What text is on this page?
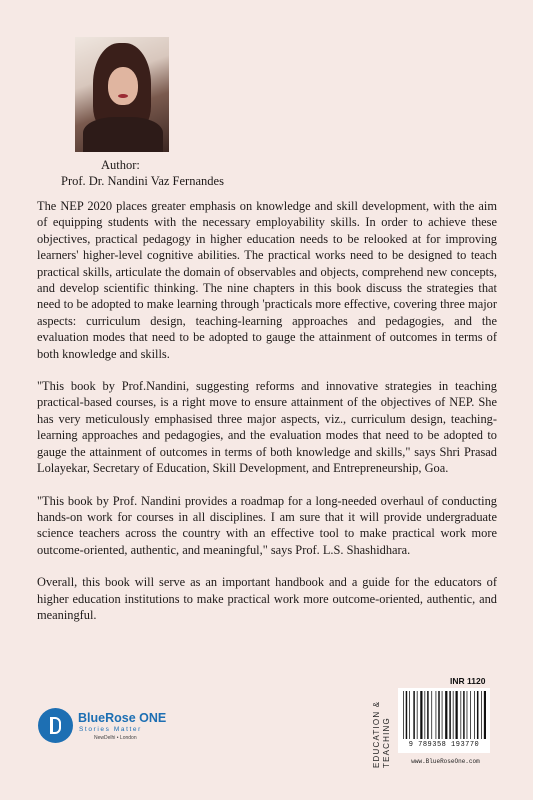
Author:
Prof. Dr. Nandini Vaz Fernandes

The NEP 2020 places greater emphasis on knowledge and skill development, with the aim of equipping students with the necessary employability skills. In order to achieve these objectives, practical pedagogy in higher education needs to be relooked at for improving learners' higher-level cognitive abilities. The practical works need to be designed to teach practical skills, articulate the domain of observables and objects, comprehend new concepts, and develop scientific thinking. The nine chapters in this book discuss the strategies that need to be adopted to make learning through 'practicals more effective, covering three major aspects: curriculum design, teaching-learning approaches and pedagogies, and the evaluation modes that need to be adopted to gauge the attainment of outcomes in terms of both knowledge and skills.

"This book by Prof.Nandini, suggesting reforms and innovative strategies in teaching practical-based courses, is a right move to ensure attainment of the objectives of NEP. She has very meticulously emphasised three major aspects, viz., curriculum design, teaching-learning approaches and pedagogies, and the evaluation modes that need to be adopted to gauge the attainment of outcomes in terms of both knowledge and skills," says Shri Prasad Lolayekar, Secretary of Education, Skill Development, and Entrepreneurship, Goa.

"This book by Prof. Nandini provides a roadmap for a long-needed overhaul of conducting hands-on work for courses in all disciplines. I am sure that it will provide undergraduate science teachers across the country with an effective tool to make practical work more outcome-oriented, authentic, and meaningful," says Prof. L.S. Shashidhara.

Overall, this book will serve as an important handbook and a guide for the educators of higher education institutions to make practical work more outcome-oriented, authentic, and meaningful.

BlueRose ONE
Stories Matter
NewDelhi • London	EDUCATION &
TEACHING
INR 1120
9 789358 193770
www.BlueRoseOne.com
